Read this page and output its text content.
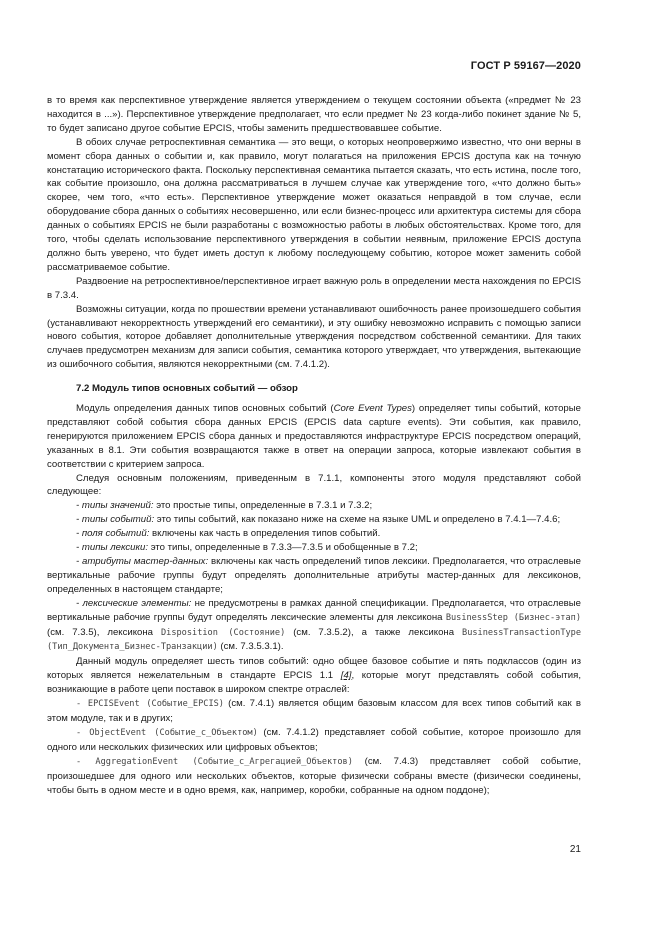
ГОСТ Р 59167—2020

в то время как перспективное утверждение является утверждением о текущем состоянии объекта («предмет № 23 находится в ...»). Перспективное утверждение предполагает, что если предмет № 23 когда-либо покинет здание № 5, то будет записано другое событие EPCIS, чтобы заменить предшествовавшее событие.

В обоих случае ретроспективная семантика — это вещи, о которых неопровержимо известно, что они верны в момент сбора данных о событии и, как правило, могут полагаться на приложения EPCIS доступа как на точную констатацию исторического факта. Поскольку перспективная семантика пытается сказать, что есть истина, после того, как событие произошло, она должна рассматриваться в лучшем случае как утверждение того, «что должно быть» скорее, чем того, «что есть». Перспективное утверждение может оказаться неправдой в том случае, если оборудование сбора данных о событиях несовершенно, или если бизнес-процесс или архитектура системы для сбора данных о событиях EPCIS не были разработаны с возможностью работы в любых обстоятельствах. Кроме того, для того, чтобы сделать использование перспективного утверждения в событии неявным, приложение EPCIS доступа должно быть уверено, что будет иметь доступ к любому последующему событию, которое может заменить собой рассматриваемое событие.

Раздвоение на ретроспективное/перспективное играет важную роль в определении места нахождения по EPCIS в 7.3.4.

Возможны ситуации, когда по прошествии времени устанавливают ошибочность ранее произошедшего события (устанавливают некорректность утверждений его семантики), и эту ошибку невозможно исправить с помощью записи нового события, которое добавляет дополнительные утверждения посредством собственной семантики. Для таких случаев предусмотрен механизм для записи события, семантика которого утверждает, что утверждения, вытекающие из ошибочного события, являются некорректными (см. 7.4.1.2).

7.2 Модуль типов основных событий — обзор

Модуль определения данных типов основных событий (Core Event Types) определяет типы событий, которые представляют собой события сбора данных EPCIS (EPCIS data capture events). Эти события, как правило, генерируются приложением EPCIS сбора данных и предоставляются инфраструктуре EPCIS посредством операций, указанных в 8.1. Эти события возвращаются также в ответ на операции запроса, которые извлекают события в соответствии с критерием запроса.

Следуя основным положениям, приведенным в 7.1.1, компоненты этого модуля представляют собой следующее:

- типы значений: это простые типы, определенные в 7.3.1 и 7.3.2;

- типы событий: это типы событий, как показано ниже на схеме на языке UML и определено в 7.4.1—7.4.6;

- поля событий: включены как часть в определения типов событий.

- типы лексики: это типы, определенные в 7.3.3—7.3.5 и обобщенные в 7.2;

- атрибуты мастер-данных: включены как часть определений типов лексики. Предполагается, что отраслевые вертикальные рабочие группы будут определять дополнительные атрибуты мастер-данных для лексиконов, определенных в настоящем стандарте;

- лексические элементы: не предусмотрены в рамках данной спецификации. Предполагается, что отраслевые вертикальные рабочие группы будут определять лексические элементы для лексикона BusinessStep (Бизнес-этап) (см. 7.3.5), лексикона Disposition (Состояние) (см. 7.3.5.2), а также лексикона BusinessTransactionType (Тип_Документа_Бизнес-Транзакции) (см. 7.3.5.3.1).

Данный модуль определяет шесть типов событий: одно общее базовое событие и пять подклассов (один из которых является нежелательным в стандарте EPCIS 1.1 [4], которые могут представлять собой события, возникающие в работе цепи поставок в широком спектре отраслей:

- EPCISEvent (Событие_EPCIS) (см. 7.4.1) является общим базовым классом для всех типов событий как в этом модуле, так и в других;

- ObjectEvent (Событие_с_Объектом) (см. 7.4.1.2) представляет собой событие, которое произошло для одного или нескольких физических или цифровых объектов;

- AggregationEvent (Событие_с_Агрегацией_Объектов) (см. 7.4.3) представляет собой событие, произошедшее для одного или нескольких объектов, которые физически собраны вместе (физически соединены, чтобы быть в одном месте и в одно время, как, например, коробки, собранные на одном поддоне);

21
